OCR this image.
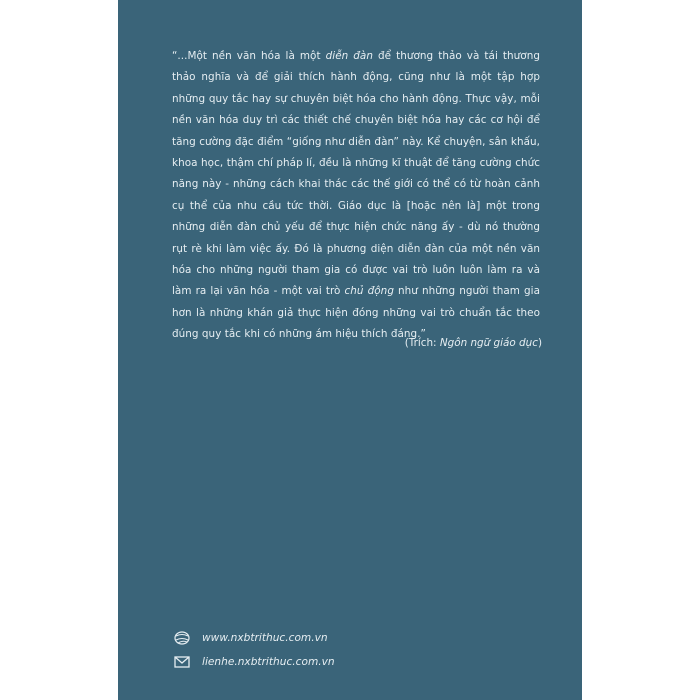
“...Một nền văn hóa là một diễn đàn để thương thảo và tái thương thảo nghĩa và để giải thích hành động, cũng như là một tập hợp những quy tắc hay sự chuyên biệt hóa cho hành động. Thực vậy, mỗi nền văn hóa duy trì các thiết chế chuyên biệt hóa hay các cơ hội để tăng cường đặc điểm “giống như diễn đàn” này. Kể chuyện, sân khấu, khoa học, thậm chí pháp lí, đều là những kĩ thuật để tăng cường chức năng này - những cách khai thác các thế giới có thể có từ hoàn cảnh cụ thể của nhu cầu tức thời. Giáo dục là [hoặc nên là] một trong những diễn đàn chủ yếu để thực hiện chức năng ấy - dù nó thường rụt rè khi làm việc ấy. Đó là phương diện diễn đàn của một nền văn hóa cho những người tham gia có được vai trò luôn luôn làm ra và làm ra lại văn hóa - một vai trò chủ động như những người tham gia hơn là những khán giả thực hiện đóng những vai trò chuẩn tắc theo đúng quy tắc khi có những ám hiệu thích đáng.”

(Trích: Ngôn ngữ giáo dục)

www.nxbtrithuc.com.vn
lienhe.nxbtrithuc.com.vn
